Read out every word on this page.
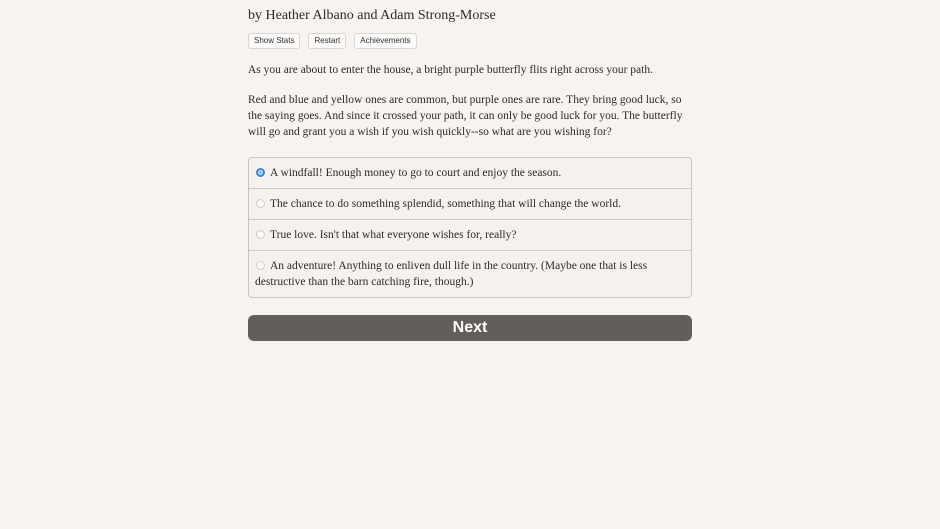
by Heather Albano and Adam Strong-Morse
Show Stats	Restart	Achievements
As you are about to enter the house, a bright purple butterfly flits right across your path.
Red and blue and yellow ones are common, but purple ones are rare. They bring good luck, so the saying goes. And since it crossed your path, it can only be good luck for you. The butterfly will go and grant you a wish if you wish quickly--so what are you wishing for?
A windfall! Enough money to go to court and enjoy the season.
The chance to do something splendid, something that will change the world.
True love. Isn't that what everyone wishes for, really?
An adventure! Anything to enliven dull life in the country. (Maybe one that is less destructive than the barn catching fire, though.)
Next
